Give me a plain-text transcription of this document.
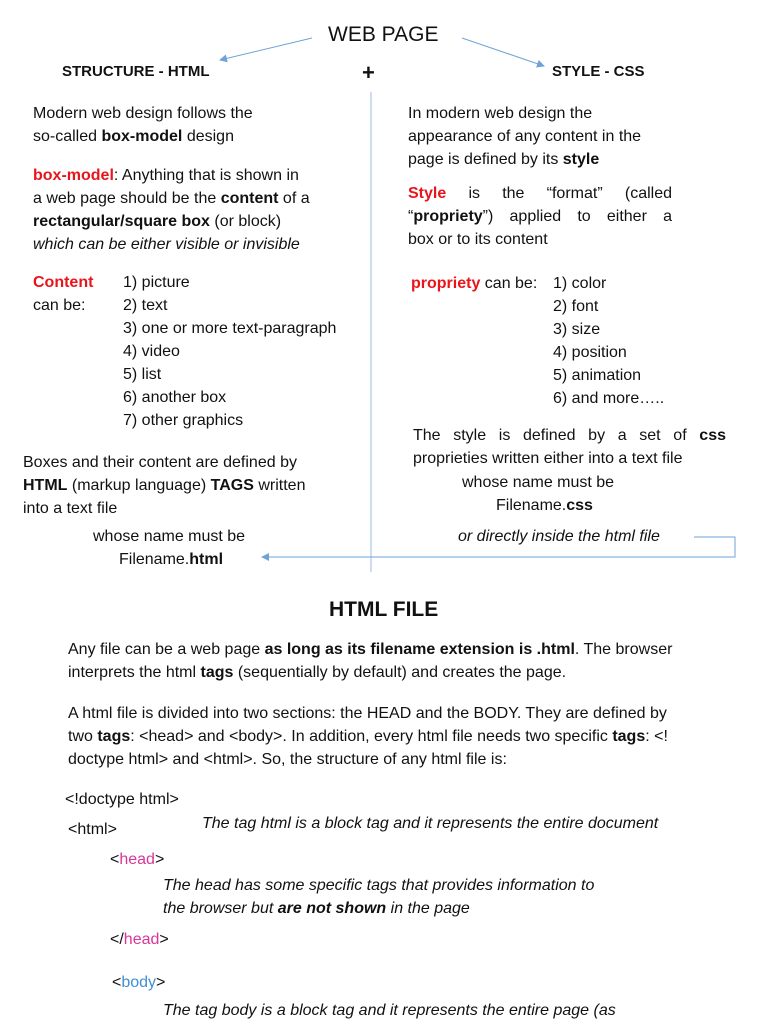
WEB PAGE
STRUCTURE - HTML	+	STYLE - CSS
Modern web design follows the
so-called box-model design
box-model: Anything that is shown in
a web page should be the content of a
rectangular/square box (or block)
which can be either visible or invisible
Content
can be:
1) picture
2) text
3) one or more text-paragraph
4) video
5) list
6) another box
7) other graphics
Boxes and their content are defined by
HTML (markup language) TAGS written
into a text file
whose name must be
Filename.html
In modern web design the
appearance of any content in the
page is defined by its style
Style is the “format” (called
“propriety”) applied to either a
box or to its content
propriety can be: 1) color
2) font
3) size
4) position
5) animation
6) and more…..
The style is defined by a set of css
proprieties written either into a text file
whose name must be
Filename.css
or directly inside the html file
HTML FILE
Any file can be a web page as long as its filename extension is .html. The browser
interprets the html tags (sequentially by default) and creates the page.
A html file is divided into two sections: the HEAD and the BODY. They are defined by
two tags: <head> and <body>. In addition, every html file needs two specific tags: <!
doctype html> and <html>. So, the structure of any html file is:
<!doctype html>
<html>	The tag html is a block tag and it represents the entire document
<head>
The head has some specific tags that provides information to
the browser but are not shown in the page
</head>
<body>
The tag body is a block tag and it represents the entire page (as
